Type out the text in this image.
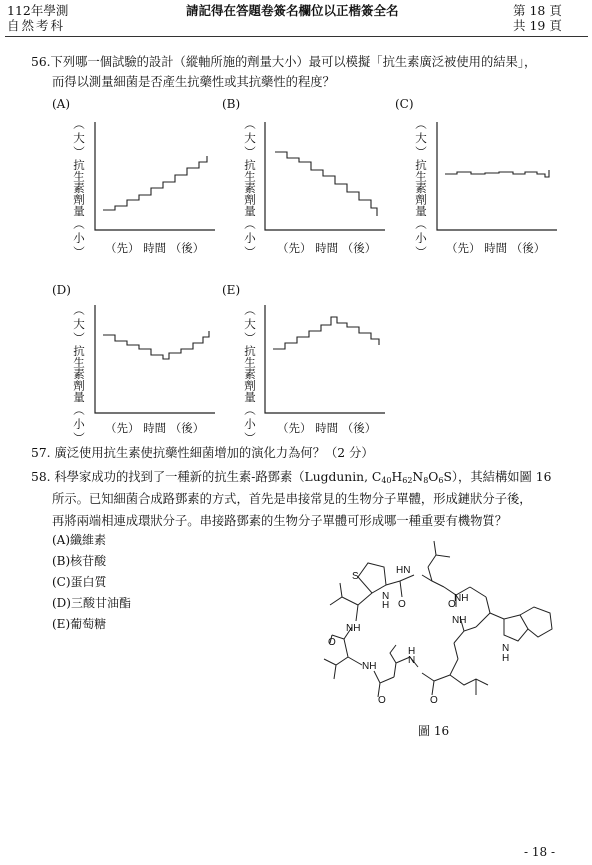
112年學測
自然考科
請記得在答題卷簽名欄位以正楷簽全名	第 18 頁
共 19 頁
56.下列哪一個試驗的設計（縱軸所施的劑量大小）最可以模擬「抗生素廣泛被使用的結果」，
而得以測量細菌是否產生抗藥性或其抗藥性的程度？
(A)
︵
大
︶
抗生素劑量
︵
小
︶ （先） 時間 （後）
(B)
︵
大
︶
抗生素劑量
︵
小
︶ （先） 時間 （後）
(C)
︵
大
︶
抗生素劑量
︵
小
︶ （先） 時間 （後）
(D)
︵
大
︶
抗生素劑量
︵
小
︶
（先） 時間 （後）
(E)
︵
大
︶
抗生素劑量
︵
小
︶
（先） 時間 （後）
57. 廣泛使用抗生素使抗藥性細菌增加的演化力為何？（2 分）
58. 科學家成功的找到了一種新的抗生素-路鄧素（Lugdunin, $C_{40}H_{62}N_8O_6S$），其結構如圖 16
所示。已知細菌合成路鄧素的方式，首先是串接常見的生物分子單體，形成鏈狀分子後，
再將兩端相連成環狀分子。串接路鄧素的生物分子單體可形成哪一種重要有機物質？
(A)纖維素
(B)核苷酸
(C)蛋白質
(D)三酸甘油酯
(E)葡萄糖
S
N
H
NH
O
NH
O
N
H
O
NH
O
NH
HN
O
N
H
圖 16
- 18 -
